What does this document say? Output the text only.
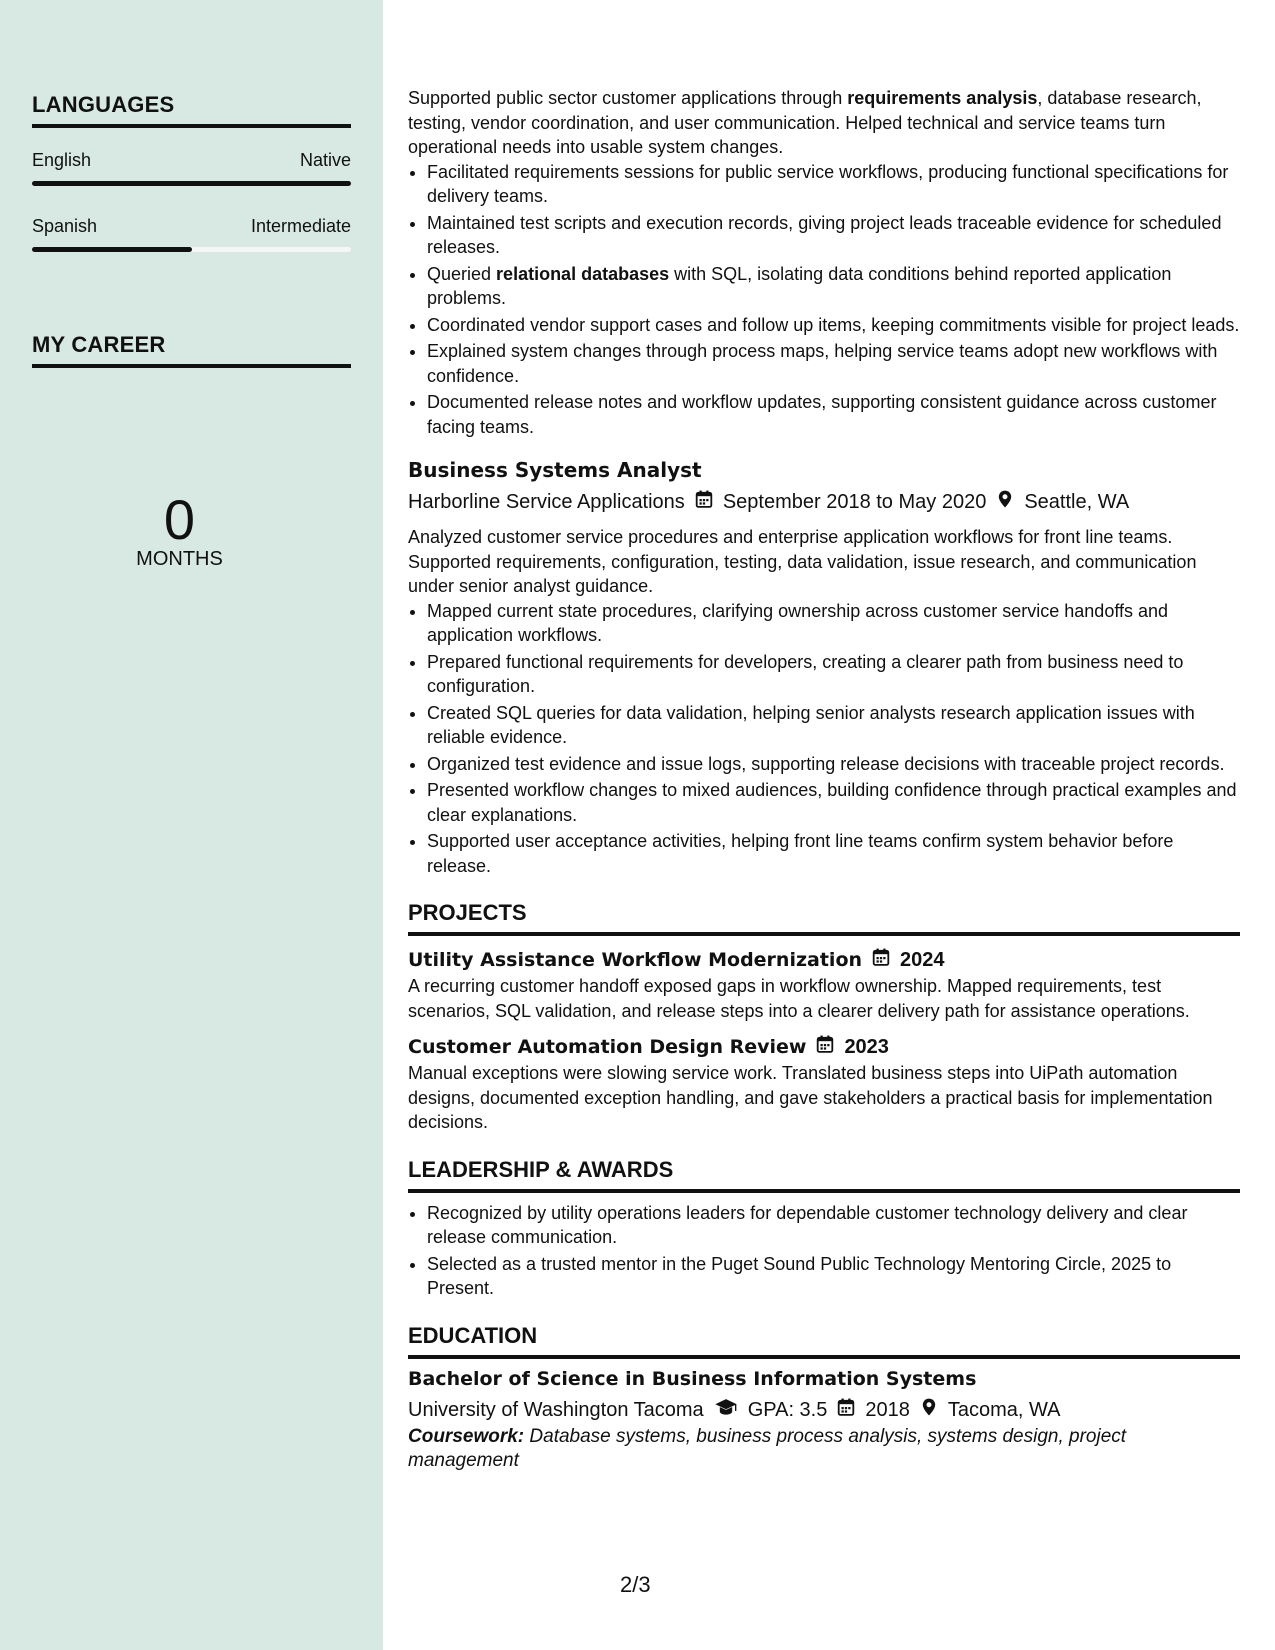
LANGUAGES
English	Native
Spanish	Intermediate
MY CAREER
0
MONTHS

Supported public sector customer applications through requirements analysis, database research, testing, vendor coordination, and user communication. Helped technical and service teams turn operational needs into usable system changes.

• Facilitated requirements sessions for public service workflows, producing functional specifications for delivery teams.
• Maintained test scripts and execution records, giving project leads traceable evidence for scheduled releases.
• Queried relational databases with SQL, isolating data conditions behind reported application problems.
• Coordinated vendor support cases and follow up items, keeping commitments visible for project leads.
• Explained system changes through process maps, helping service teams adopt new workflows with confidence.
• Documented release notes and workflow updates, supporting consistent guidance across customer facing teams.
Business Systems Analyst
Harborline Service Applications September 2018 to May 2020 Seattle, WA

Analyzed customer service procedures and enterprise application workflows for front line teams. Supported requirements, configuration, testing, data validation, issue research, and communication under senior analyst guidance.

• Mapped current state procedures, clarifying ownership across customer service handoffs and application workflows.
• Prepared functional requirements for developers, creating a clearer path from business need to configuration.
• Created SQL queries for data validation, helping senior analysts research application issues with reliable evidence.
• Organized test evidence and issue logs, supporting release decisions with traceable project records.
• Presented workflow changes to mixed audiences, building confidence through practical examples and clear explanations.
• Supported user acceptance activities, helping front line teams confirm system behavior before release.
PROJECTS
Utility Assistance Workflow Modernization 2024

A recurring customer handoff exposed gaps in workflow ownership. Mapped requirements, test scenarios, SQL validation, and release steps into a clearer delivery path for assistance operations.

Customer Automation Design Review 2023

Manual exceptions were slowing service work. Translated business steps into UiPath automation designs, documented exception handling, and gave stakeholders a practical basis for implementation decisions.

LEADERSHIP & AWARDS
• Recognized by utility operations leaders for dependable customer technology delivery and clear release communication.
• Selected as a trusted mentor in the Puget Sound Public Technology Mentoring Circle, 2025 to Present.
EDUCATION
Bachelor of Science in Business Information Systems
University of Washington Tacoma GPA: 3.5 2018 Tacoma, WA

Coursework: Database systems, business process analysis, systems design, project management

2/3
